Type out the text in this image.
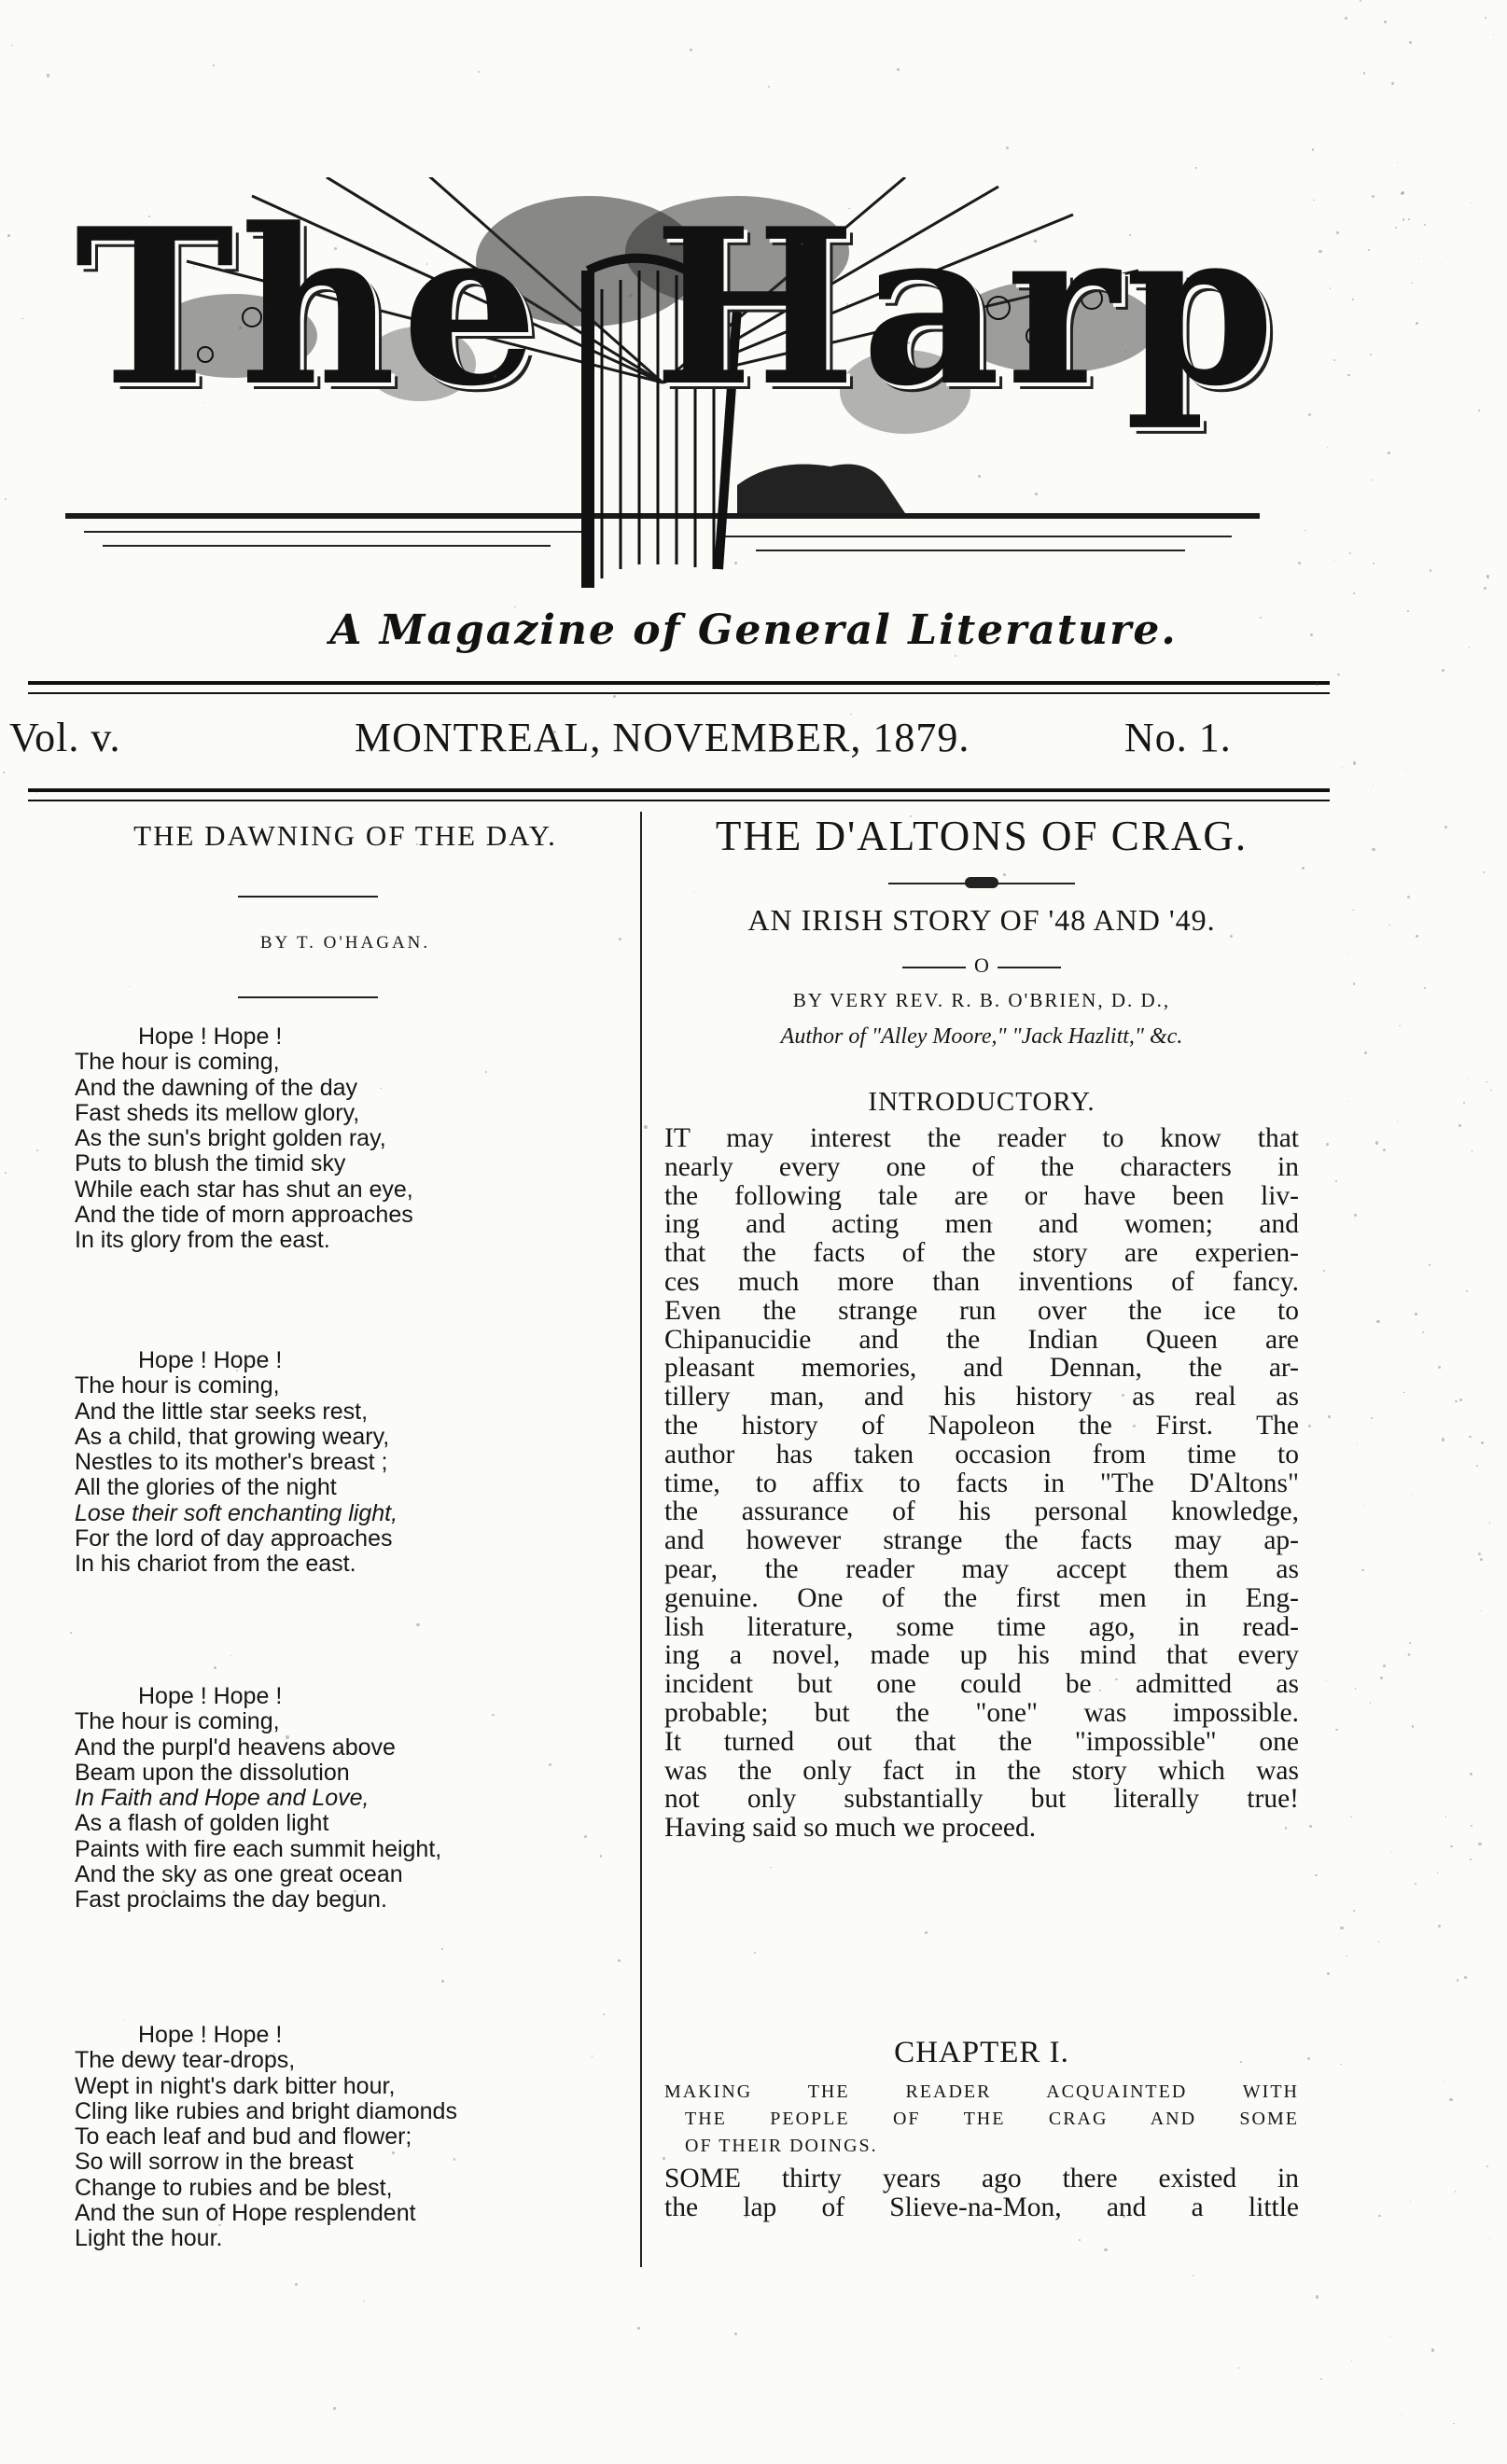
The Harp
A Magazine of General Literature.
Vol. v.	MONTREAL, NOVEMBER, 1879.	No. 1.
THE DAWNING OF THE DAY.
BY T. O'HAGAN.
Hope ! Hope !
The hour is coming,
And the dawning of the day
Fast sheds its mellow glory,
As the sun's bright golden ray,
Puts to blush the timid sky
While each star has shut an eye,
And the tide of morn approaches
In its glory from the east.
Hope ! Hope !
The hour is coming,
And the little star seeks rest,
As a child, that growing weary,
Nestles to its mother's breast ;
All the glories of the night
Lose their soft enchanting light,
For the lord of day approaches
In his chariot from the east.
Hope ! Hope !
The hour is coming,
And the purpl'd heavens above
Beam upon the dissolution
In Faith and Hope and Love,
As a flash of golden light
Paints with fire each summit height,
And the sky as one great ocean
Fast proclaims the day begun.
Hope ! Hope !
The dewy tear-drops,
Wept in night's dark bitter hour,
Cling like rubies and bright diamonds
To each leaf and bud and flower;
So will sorrow in the breast
Change to rubies and be blest,
And the sun of Hope resplendent
Light the hour.
THE D'ALTONS OF CRAG.
AN IRISH STORY OF '48 AND '49.
O
BY VERY REV. R. B. O'BRIEN, D. D.,
Author of "Alley Moore," "Jack Hazlitt," &c.
INTRODUCTORY.
IT may interest the reader to know that
nearly every one of the characters in
the following tale are or have been liv-
ing and acting men and women; and
that the facts of the story are experien-
ces much more than inventions of fancy.
Even the strange run over the ice to
Chipanucidie and the Indian Queen are
pleasant memories, and Dennan, the ar-
tillery man, and his history as real as
the history of Napoleon the First. The
author has taken occasion from time to
time, to affix to facts in "The D'Altons"
the assurance of his personal knowledge,
and however strange the facts may ap-
pear, the reader may accept them as
genuine. One of the first men in Eng-
lish literature, some time ago, in read-
ing a novel, made up his mind that every
incident but one could be admitted as
probable; but the "one" was impossible.
It turned out that the "impossible" one
was the only fact in the story which was
not only substantially but literally true!
Having said so much we proceed.
CHAPTER I.
MAKING THE READER ACQUAINTED WITH
THE PEOPLE OF THE CRAG AND SOME
OF THEIR DOINGS.
SOME thirty years ago there existed in
the lap of Slieve-na-Mon, and a little
